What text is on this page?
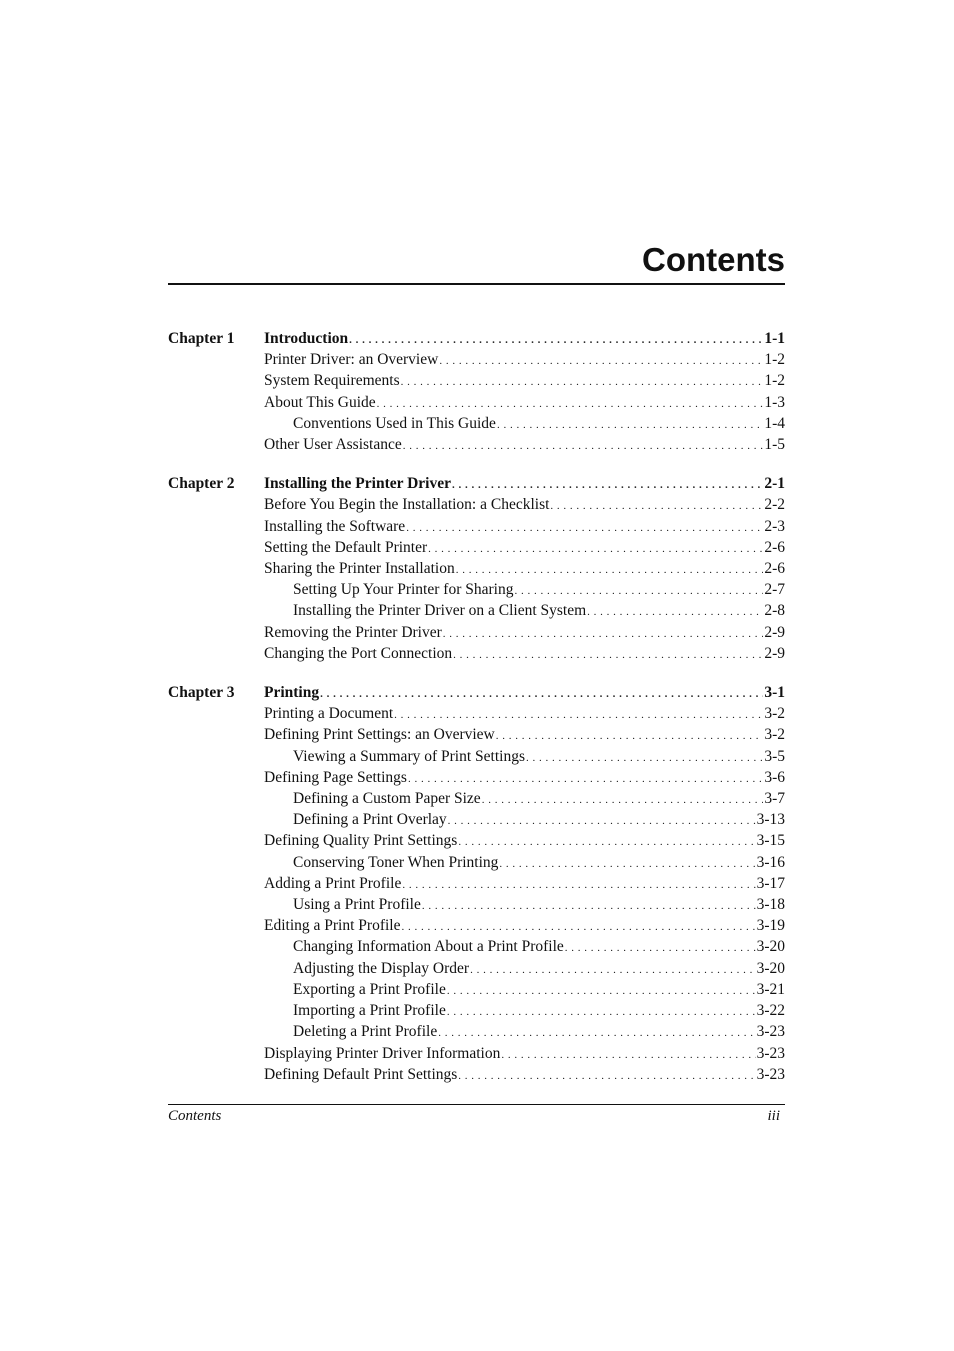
Contents
Chapter 1 Introduction . . .	1-1
Printer Driver: an Overview . . .	1-2
System Requirements . . .	1-2
About This Guide . . .	1-3
Conventions Used in This Guide . . .	1-4
Other User Assistance . . .	1-5
Chapter 2 Installing the Printer Driver . . .	2-1
Before You Begin the Installation: a Checklist . . .	2-2
Installing the Software . . .	2-3
Setting the Default Printer . . .	2-6
Sharing the Printer Installation . . .	2-6
Setting Up Your Printer for Sharing . . .	2-7
Installing the Printer Driver on a Client System . . .	2-8
Removing the Printer Driver . . .	2-9
Changing the Port Connection . . .	2-9
Chapter 3 Printing . . .	3-1
Printing a Document . . .	3-2
Defining Print Settings: an Overview . . .	3-2
Viewing a Summary of Print Settings . . .	3-5
Defining Page Settings . . .	3-6
Defining a Custom Paper Size . . .	3-7
Defining a Print Overlay . . .	3-13
Defining Quality Print Settings . . .	3-15
Conserving Toner When Printing . . .	3-16
Adding a Print Profile . . .	3-17
Using a Print Profile . . .	3-18
Editing a Print Profile . . .	3-19
Changing Information About a Print Profile . . .	3-20
Adjusting the Display Order . . .	3-20
Exporting a Print Profile . . .	3-21
Importing a Print Profile . . .	3-22
Deleting a Print Profile . . .	3-23
Displaying Printer Driver Information . . .	3-23
Defining Default Print Settings . . .	3-23
Contents	iii
